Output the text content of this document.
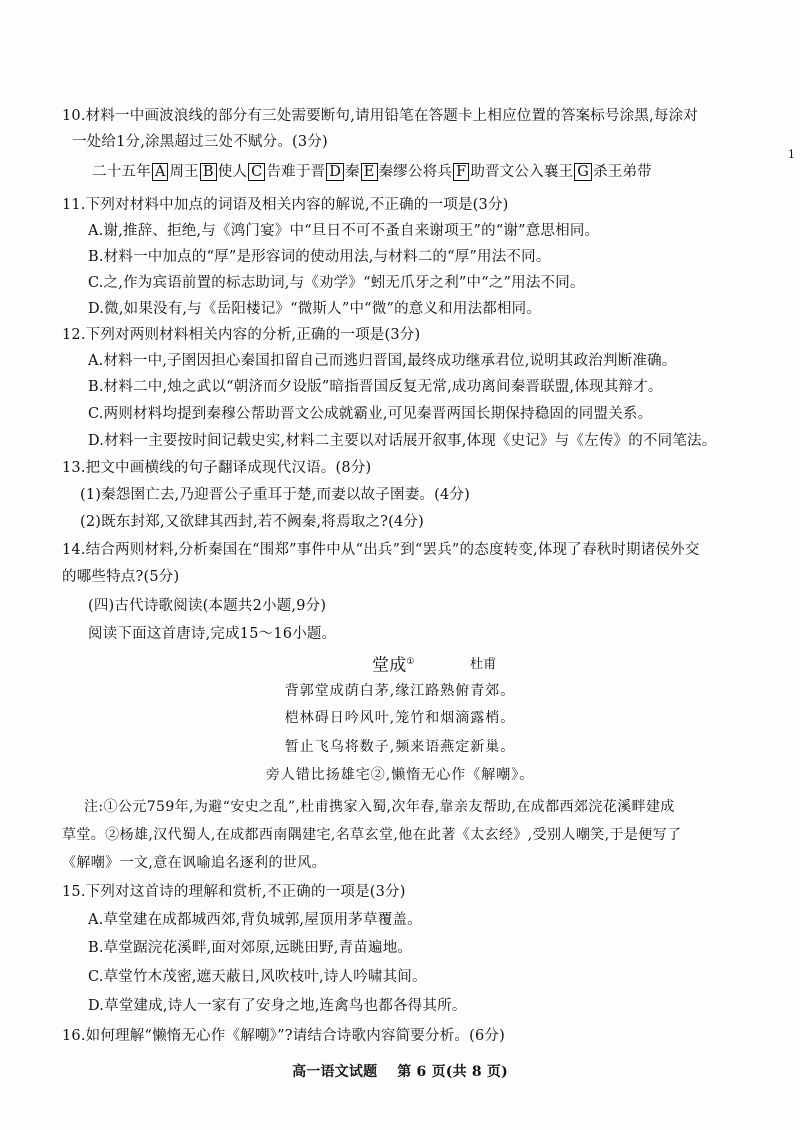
10.材料一中画波浪线的部分有三处需要断句,请用铅笔在答题卡上相应位置的答案标号涂黑,每涂对
一处给1分,涂黑超过三处不赋分。(3分)
二十五年 A 周王 B 使人 C 告难于晋 D 秦 E 秦缪公将兵 F 助晋文公入襄王 G 杀王弟带
1
11.下列对材料中加点的词语及相关内容的解说,不正确的一项是(3分)
A.谢,推辞、拒绝,与《鸿门宴》中“旦日不可不蚤自来谢项王”的“谢”意思相同。
B.材料一中加点的“厚”是形容词的使动用法,与材料二的“厚”用法不同。
C.之,作为宾语前置的标志助词,与《劝学》“蚓无爪牙之利”中“之”用法不同。
D.微,如果没有,与《岳阳楼记》“微斯人”中“微”的意义和用法都相同。
12.下列对两则材料相关内容的分析,正确的一项是(3分)
A.材料一中,子圉因担心秦国扣留自己而逃归晋国,最终成功继承君位,说明其政治判断准确。
B.材料二中,烛之武以“朝济而夕设版”暗指晋国反复无常,成功离间秦晋联盟,体现其辩才。
C.两则材料均提到秦穆公帮助晋文公成就霸业,可见秦晋两国长期保持稳固的同盟关系。
D.材料一主要按时间记载史实,材料二主要以对话展开叙事,体现《史记》与《左传》的不同笔法。
13.把文中画横线的句子翻译成现代汉语。(8分)
(1)秦怨圉亡去,乃迎晋公子重耳于楚,而妻以故子圉妻。(4分)
(2)既东封郑,又欲肆其西封,若不阙秦,将焉取之?(4分)
14.结合两则材料,分析秦国在“围郑”事件中从“出兵”到“罢兵”的态度转变,体现了春秋时期诸侯外交
的哪些特点?(5分)
(四)古代诗歌阅读(本题共2小题,9分)
阅读下面这首唐诗,完成15～16小题。
堂成①	杜甫
背郭堂成荫白茅,缘江路熟俯青郊。
桤林碍日吟风叶,笼竹和烟滴露梢。
暂止飞乌将数子,频来语燕定新巢。
旁人错比扬雄宅②,懒惰无心作《解嘲》。
注:①公元759年,为避“安史之乱”,杜甫携家入蜀,次年春,靠亲友帮助,在成都西郊浣花溪畔建成
草堂。②杨雄,汉代蜀人,在成都西南隅建宅,名草玄堂,他在此著《太玄经》,受别人嘲笑,于是便写了
《解嘲》一文,意在讽喻追名逐利的世风。
15.下列对这首诗的理解和赏析,不正确的一项是(3分)
A.草堂建在成都城西郊,背负城郭,屋顶用茅草覆盖。
B.草堂踞浣花溪畔,面对郊原,远眺田野,青苗遍地。
C.草堂竹木茂密,遮天蔽日,风吹枝叶,诗人吟啸其间。
D.草堂建成,诗人一家有了安身之地,连禽鸟也都各得其所。
16.如何理解“懒惰无心作《解嘲》”?请结合诗歌内容简要分析。(6分)
高一语文试题 第 6 页(共 8 页)
